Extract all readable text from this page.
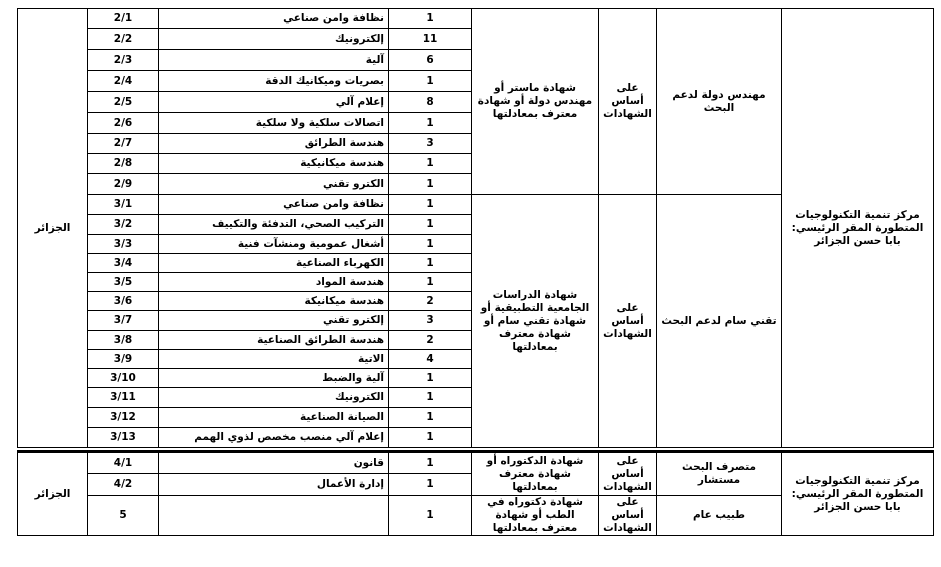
مركز تنمية التكنولوجيات المتطورة المقر الرئيسي: بابا حسن الجزائر	مهندس دولة لدعم البحث	على أساس الشهادات	شهادة ماستر أو مهندس دولة أو شهادة معترف بمعادلتها	1	نظافة وامن صناعي	2/1	الجزائر
				11	إلكترونيك	2/2	
				6	آلية	2/3	
				1	بصريات وميكانيك الدقة	2/4	
				8	إعلام آلي	2/5	
				1	اتصالات سلكية ولا سلكية	2/6	
				3	هندسة الطرائق	2/7	
				1	هندسة ميكانيكية	2/8	
				1	الكترو تقني	2/9	
	تقني سام لدعم البحث	على أساس الشهادات	شهادة الدراسات الجامعية التطبيقية أو شهادة تقني سام أو شهادة معترف بمعادلتها	1	نظافة وامن صناعي	3/1	
				1	التركيب الصحي، التدفئة والتكييف	3/2	
				1	أشغال عمومية ومنشآت فنية	3/3	
				1	الكهرباء الصناعية	3/4	
				1	هندسة المواد	3/5	
				2	هندسة ميكانيكة	3/6	
				3	إلكترو تقني	3/7	
				2	هندسة الطرائق الصناعية	3/8	
				4	الاتية	3/9	
				1	آلية والضبط	3/10	
				1	الكترونيك	3/11	
				1	الصيانة الصناعية	3/12	
				1	إعلام آلي منصب مخصص لذوي الهمم	3/13	

مركز تنمية التكنولوجيات المتطورة المقر الرئيسي: بابا حسن الجزائر	متصرف البحث مستشار	على أساس الشهادات	شهادة الدكتوراه أو شهادة معترف بمعادلتها	1	قانون	4/1	الجزائر
				1	إدارة الأعمال	4/2	
	طبيب عام	على أساس الشهادات	شهادة دكتوراه في الطب أو شهادة معترف بمعادلتها	1		5	
